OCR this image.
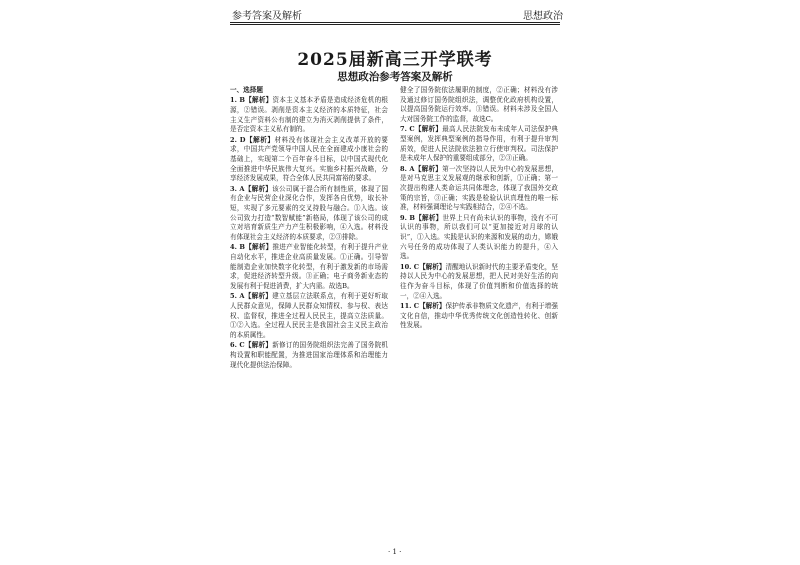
参考答案及解析	思想政治
2025届新高三开学联考
思想政治参考答案及解析

一、选择题

1. B【解析】资本主义基本矛盾是造成经济危机的根源，②错误。剥削是资本主义经济的本质特征，社会主义生产资料公有制的建立为消灭剥削提供了条件，是否定资本主义私有制的。

2. D【解析】材料没有体现社会主义改革开放的要求，中国共产党领导中国人民在全面建成小康社会的基础上，实现第二个百年奋斗目标，以中国式现代化全面推进中华民族伟大复兴。实施乡村振兴战略，分享经济发展成果，符合全体人民共同富裕的要求。

3. A【解析】该公司属于混合所有制性质，体现了国有企业与民营企业深化合作，发挥各自优势，取长补短，实现了多元要素的交叉持股与融合。①入选。该公司致力打造“数智赋能”新格局，体现了该公司的成立对培育新质生产力产生积极影响，④入选。材料没有体现社会主义经济的本质要求，②③排除。

4. B【解析】推进产业智能化转型，有利于提升产业自动化水平，推进企业高质量发展。①正确。引导智能制造企业加快数字化转型，有利于激发新的市场需求，促进经济转型升级。③正确；电子商务新业态的发展有利于促进消费，扩大内需。故选B。

5. A【解析】建立基层立法联系点，有利于更好听取人民群众意见，保障人民群众知情权、参与权、表达权、监督权，推进全过程人民民主，提高立法质量。①②入选。全过程人民民主是我国社会主义民主政治的本质属性。

6. C【解析】新修订的国务院组织法完善了国务院机构设置和职能配置，为推进国家治理体系和治理能力现代化提供法治保障。

健全了国务院依法履职的制度，②正确；材料没有涉及通过修订国务院组织法，调整优化政府机构设置，以提高国务院运行效率。③错误。材料未涉及全国人大对国务院工作的监督，故选C。

7. C【解析】最高人民法院发布未成年人司法保护典型案例，发挥典型案例的指导作用，有利于提升审判质效，促进人民法院依法独立行使审判权。司法保护是未成年人保护的重要组成部分，②③正确。

8. A【解析】第一次坚持以人民为中心的发展思想，是对马克思主义发展观的继承和创新，①正确；第一次提出构建人类命运共同体理念，体现了我国外交政策的宗旨，③正确；实践是检验认识真理性的唯一标准，材料强调理论与实践相结合，②④不选。

9. B【解析】世界上只有尚未认识的事物，没有不可认识的事物，所以我们可以“更加接近对月球的认识”，①入选。实践是认识的来源和发展的动力，嫦娥六号任务的成功体现了人类认识能力的提升，④入选。

10. C【解析】清醒地认识新时代的主要矛盾变化，坚持以人民为中心的发展思想，把人民对美好生活的向往作为奋斗目标，体现了价值判断和价值选择的统一，②④入选。

11. C【解析】保护传承非物质文化遗产，有利于增强文化自信，推动中华优秀传统文化创造性转化、创新性发展。

· 1 ·
